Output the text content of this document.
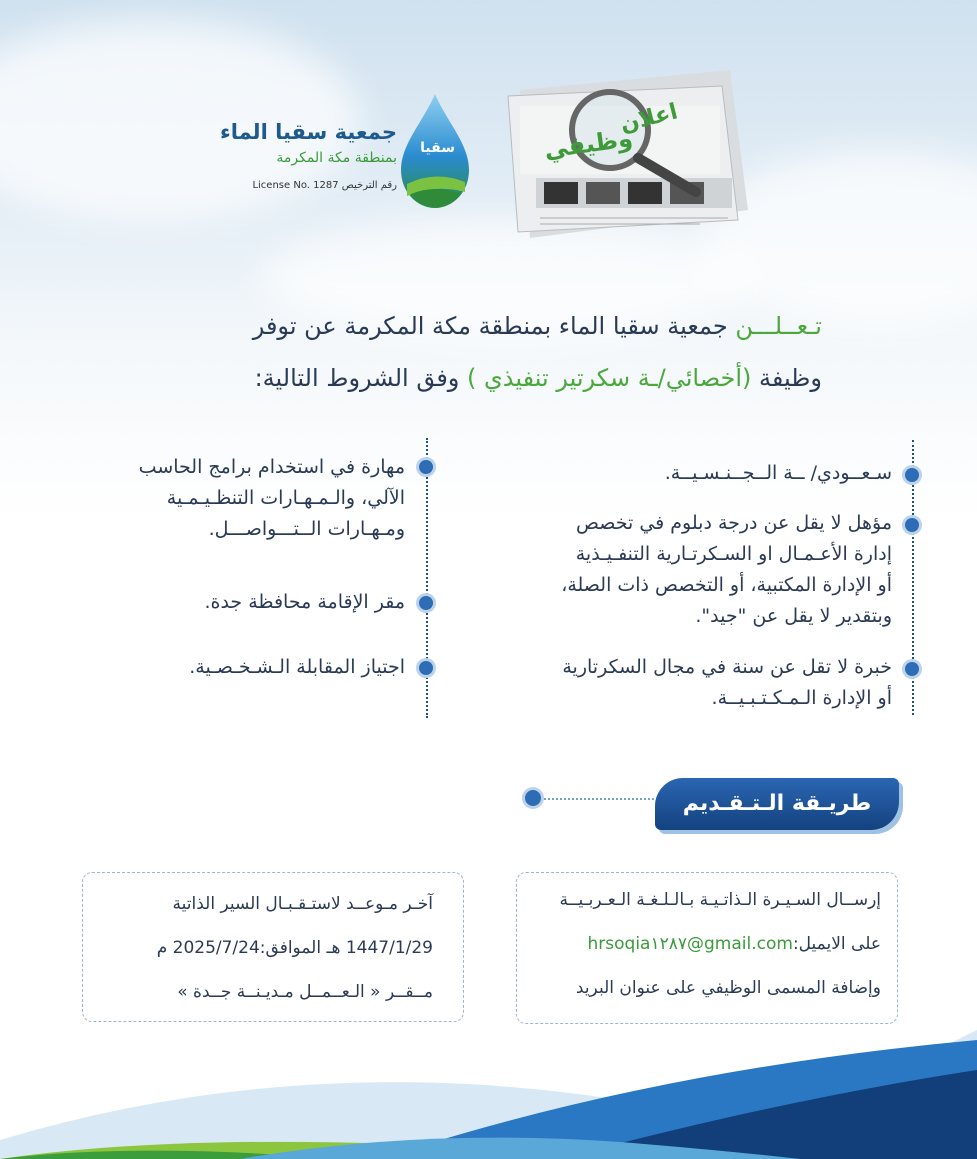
سقيا
جمعية سقيا الماء
بمنطقة مكة المكرمة
رقم الترخيص License No. 1287
اعلان
وظيفي
تـعــلـــن جمعية سقيا الماء بمنطقة مكة المكرمة عن توفر
وظيفة (أخصائي/ـة سكرتير تنفيذي ) وفق الشروط التالية:
سـعــودي/ ــة الــجــنـسـيــة.
مؤهل لا يقل عن درجة دبلوم في تخصص
إدارة الأعـمـال او السـكرتـارية التنفـيـذية
أو الإدارة المكتبية، أو التخصص ذات الصلة،
وبتقدير لا يقل عن "جيد".
خبرة لا تقل عن سنة في مجال السكرتارية
أو الإدارة الـمـكـتـبـيــة.
مهارة في استخدام برامج الحاسب
الآلي، والـمـهـارات التنظـيـمـية
ومـهـارات الــتـــواصـــل.
مقر الإقامة محافظة جدة.
اجتياز المقابلة الـشـخـصـية.
طريـقة الـتـقـديم
إرســال السـيـرة الـذاتـيـة بـالـلـغـة الـعـربـيــة
على الايميل:hrsoqia١٢٨٧@gmail.com
وإضافة المسمى الوظيفي على عنوان البريد
آخـر مـوعــد لاستـقـبـال السير الذاتية
1447/1/29 هـ الموافق:2025/7/24 م
مــقــر « الـعــمــل مـديـنــة جــدة »
